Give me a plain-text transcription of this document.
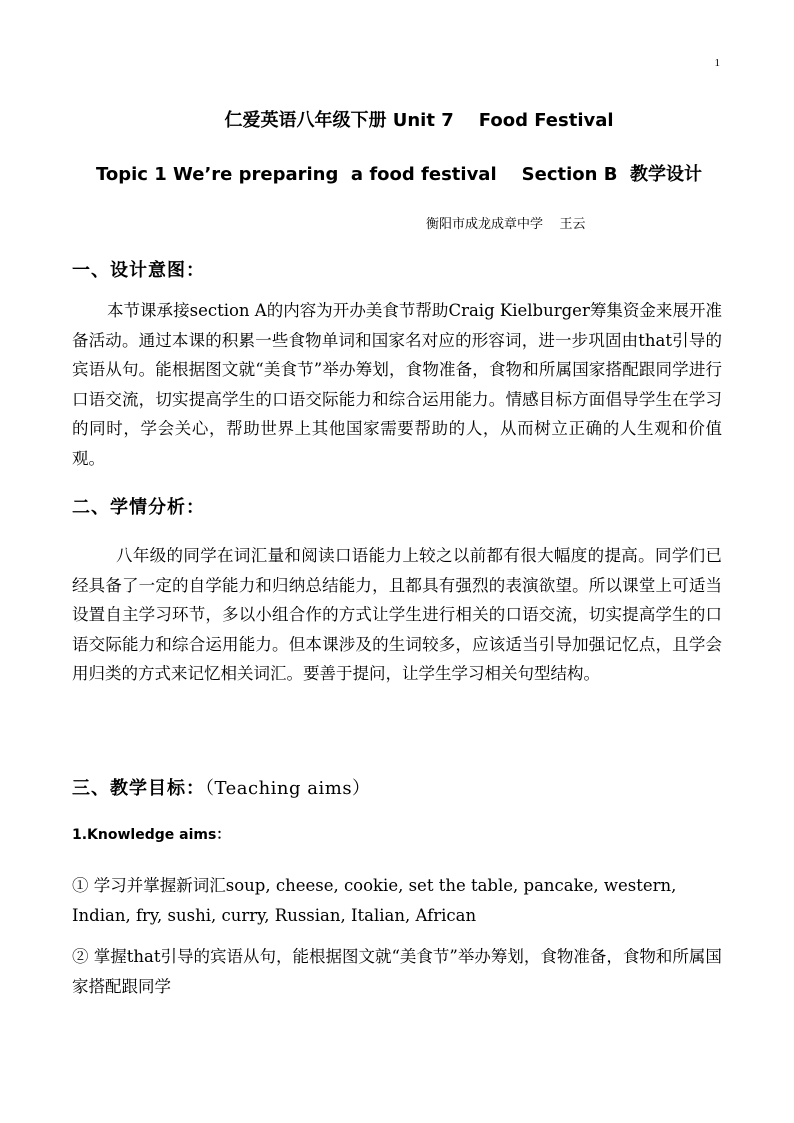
1
仁爱英语八年级下册 Unit 7    Food Festival
Topic 1 We’re preparing  a food festival    Section B  教学设计
衡阳市成龙成章中学    王云
一、设计意图：

本节课承接section A的内容为开办美食节帮助Craig Kielburger筹集资金来展开准备活动。通过本课的积累一些食物单词和国家名对应的形容词，进一步巩固由that引导的宾语从句。能根据图文就“美食节”举办筹划，食物准备，食物和所属国家搭配跟同学进行口语交流，切实提高学生的口语交际能力和综合运用能力。情感目标方面倡导学生在学习的同时，学会关心，帮助世界上其他国家需要帮助的人，从而树立正确的人生观和价值观。

二、学情分析：

八年级的同学在词汇量和阅读口语能力上较之以前都有很大幅度的提高。同学们已经具备了一定的自学能力和归纳总结能力，且都具有强烈的表演欲望。所以课堂上可适当设置自主学习环节，多以小组合作的方式让学生进行相关的口语交流，切实提高学生的口语交际能力和综合运用能力。但本课涉及的生词较多，应该适当引导加强记忆点，且学会用归类的方式来记忆相关词汇。要善于提问，让学生学习相关句型结构。

三、教学目标：（Teaching aims）
1.Knowledge aims：

① 学习并掌握新词汇soup, cheese, cookie, set the table, pancake, western, Indian, fry, sushi, curry, Russian, Italian, African

② 掌握that引导的宾语从句，能根据图文就“美食节”举办筹划，食物准备，食物和所属国家搭配跟同学
